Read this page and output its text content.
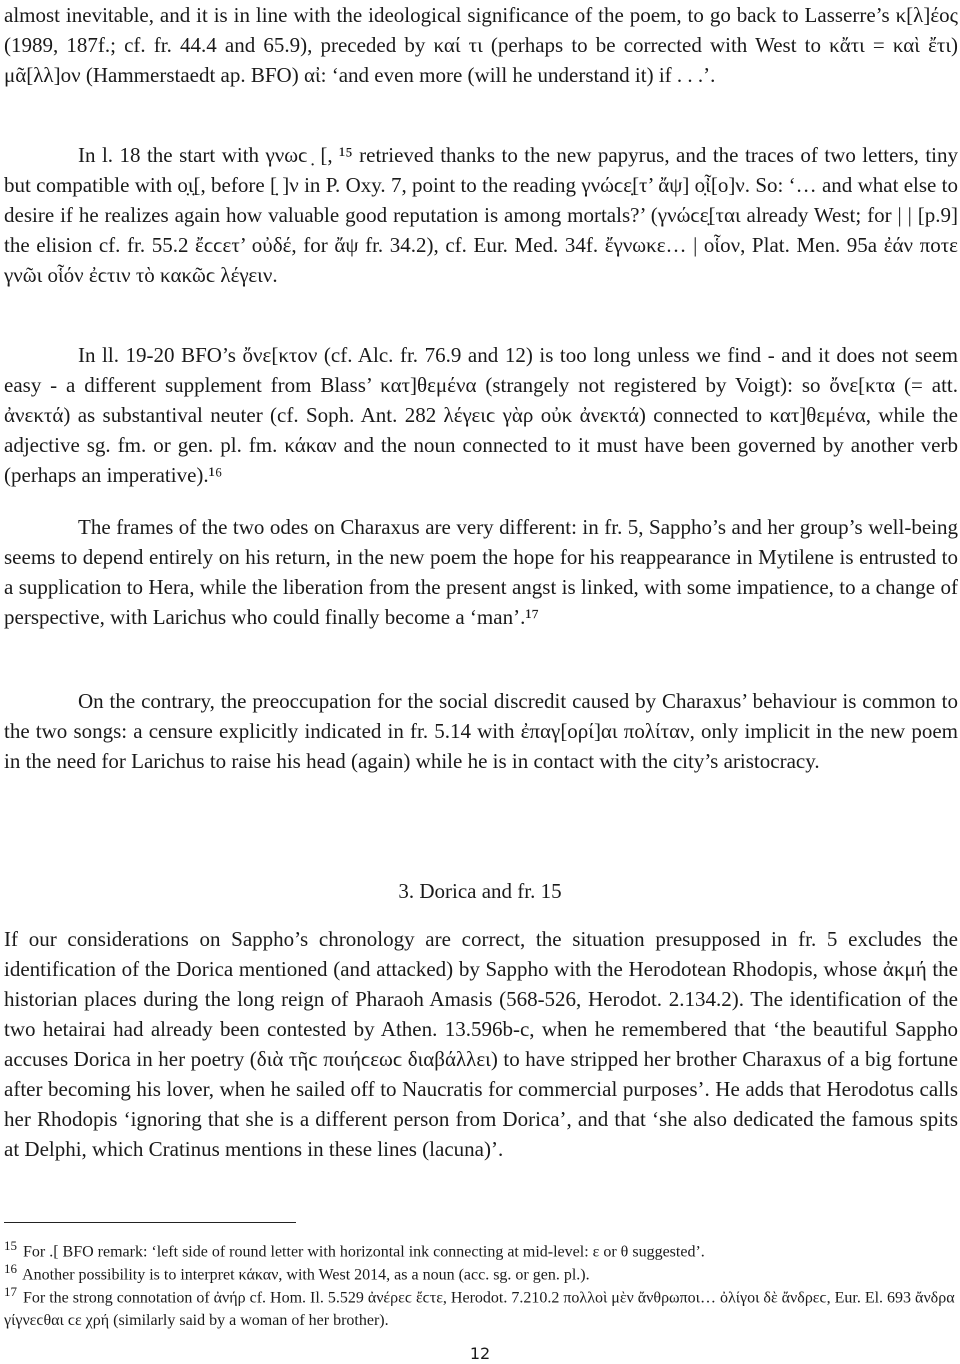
almost inevitable, and it is in line with the ideological significance of the poem, to go back to Lasserre’s κ[λ]έος (1989, 187f.; cf. fr. 44.4 and 65.9), preceded by καί τι (perhaps to be corrected with West to κἄτι = καὶ ἔτι) μᾶ[λλ]ον (Hammerstaedt ap. BFO) αἰ: ‘and even more (will he understand it) if . . .’.

In l. 18 the start with γνωϲ ̣ [, ¹⁵ retrieved thanks to the new papyrus, and the traces of two letters, tiny but compatible with ο̣ι̣[, before [̣ ]ν in P. Oxy. 7, point to the reading γνώϲε̣[τ’ ἄψ] ο̣ἶ[ο]ν. So: ‘… and what else to desire if he realizes again how valuable good reputation is among mortals?’ (γνώϲε̣[ται already West; for | | [p.9] the elision cf. fr. 55.2 ἔϲϲετ’ οὐδέ, for ἄψ fr. 34.2), cf. Eur. Med. 34f. ἔγνωκε… | οἷον, Plat. Men. 95a ἐάν ποτε γνῶι οἷόν ἐϲτιν τὸ κακῶϲ λέγειν.

In ll. 19-20 BFO’s ὄνε[κτον (cf. Alc. fr. 76.9 and 12) is too long unless we find - and it does not seem easy - a different supplement from Blass’ κατ]θεμένα (strangely not registered by Voigt): so ὄνε[κτα (= att. ἀνεκτά) as substantival neuter (cf. Soph. Ant. 282 λέγειϲ γὰρ οὐκ ἀνεκτά) connected to κατ]θεμένα, while the adjective sg. fm. or gen. pl. fm. κάκαν and the noun connected to it must have been governed by another verb (perhaps an imperative).¹⁶

The frames of the two odes on Charaxus are very different: in fr. 5, Sappho’s and her group’s well-being seems to depend entirely on his return, in the new poem the hope for his reappearance in Mytilene is entrusted to a supplication to Hera, while the liberation from the present angst is linked, with some impatience, to a change of perspective, with Larichus who could finally become a ‘man’.¹⁷

On the contrary, the preoccupation for the social discredit caused by Charaxus’ behaviour is common to the two songs: a censure explicitly indicated in fr. 5.14 with ἐπαγ[ορί]αι πολίταν, only implicit in the new poem in the need for Larichus to raise his head (again) while he is in contact with the city’s aristocracy.

3. Dorica and fr. 15

If our considerations on Sappho’s chronology are correct, the situation presupposed in fr. 5 excludes the identification of the Dorica mentioned (and attacked) by Sappho with the Herodotean Rhodopis, whose ἀκμή the historian places during the long reign of Pharaoh Amasis (568-526, Herodot. 2.134.2). The identification of the two hetairai had already been contested by Athen. 13.596b-c, when he remembered that ‘the beautiful Sappho accuses Dorica in her poetry (διὰ τῆϲ ποιήϲεωϲ διαβάλλει) to have stripped her brother Charaxus of a big fortune after becoming his lover, when he sailed off to Naucratis for commercial purposes’. He adds that Herodotus calls her Rhodopis ‘ignoring that she is a different person from Dorica’, and that ‘she also dedicated the famous spits at Delphi, which Cratinus mentions in these lines (lacuna)’.

$^{15}$ For .[ BFO remark: ‘left side of round letter with horizontal ink connecting at mid-level: ε or θ suggested’.

$^{16}$ Another possibility is to interpret κάκαν, with West 2014, as a noun (acc. sg. or gen. pl.).

$^{17}$ For the strong connotation of ἀνήρ cf. Hom. Il. 5.529 ἀνέρεϲ ἔϲτε, Herodot. 7.210.2 πολλοὶ μὲν ἄνθρωποι… ὀλίγοι δὲ ἄνδρεϲ, Eur. El. 693 ἄνδρα γίγνεϲθαι ϲε χρή (similarly said by a woman of her brother).

12
